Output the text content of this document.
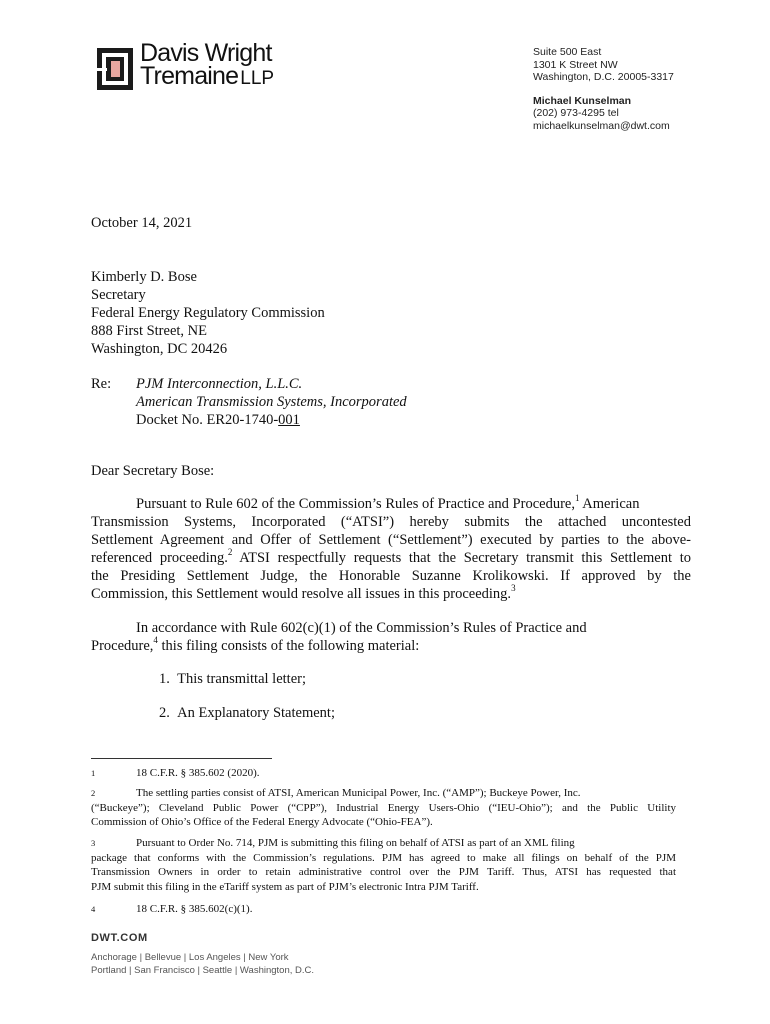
Davis Wright
Tremaine LLP
Suite 500 East
1301 K Street NW
Washington, D.C. 20005-3317
Michael Kunselman
(202) 973-4295 tel
michaelkunselman@dwt.com
October 14, 2021
Kimberly D. Bose
Secretary
Federal Energy Regulatory Commission
888 First Street, NE
Washington, DC 20426
Re: PJM Interconnection, L.L.C.
American Transmission Systems, Incorporated
Docket No. ER20-1740-001
Dear Secretary Bose:
Pursuant to Rule 602 of the Commission’s Rules of Practice and Procedure,$^1$ American
Transmission Systems, Incorporated (“ATSI”) hereby submits the attached uncontested
Settlement Agreement and Offer of Settlement (“Settlement”) executed by parties to the above-
referenced proceeding.$^2$ ATSI respectfully requests that the Secretary transmit this Settlement to
the Presiding Settlement Judge, the Honorable Suzanne Krolikowski. If approved by the
Commission, this Settlement would resolve all issues in this proceeding.$^3$
In accordance with Rule 602(c)(1) of the Commission’s Rules of Practice and
Procedure,$^4$ this filing consists of the following material:
1. This transmittal letter;
2. An Explanatory Statement;
1	18 C.F.R. § 385.602 (2020).
2	The settling parties consist of ATSI, American Municipal Power, Inc. (“AMP”); Buckeye Power, Inc.
(“Buckeye”); Cleveland Public Power (“CPP”), Industrial Energy Users-Ohio (“IEU-Ohio”); and the Public Utility
Commission of Ohio’s Office of the Federal Energy Advocate (“Ohio-FEA”).
3	Pursuant to Order No. 714, PJM is submitting this filing on behalf of ATSI as part of an XML filing
package that conforms with the Commission’s regulations. PJM has agreed to make all filings on behalf of the PJM
Transmission Owners in order to retain administrative control over the PJM Tariff. Thus, ATSI has requested that
PJM submit this filing in the eTariff system as part of PJM’s electronic Intra PJM Tariff.
4	18 C.F.R. § 385.602(c)(1).
DWT.COM
Anchorage | Bellevue | Los Angeles | New York
Portland | San Francisco | Seattle | Washington, D.C.
